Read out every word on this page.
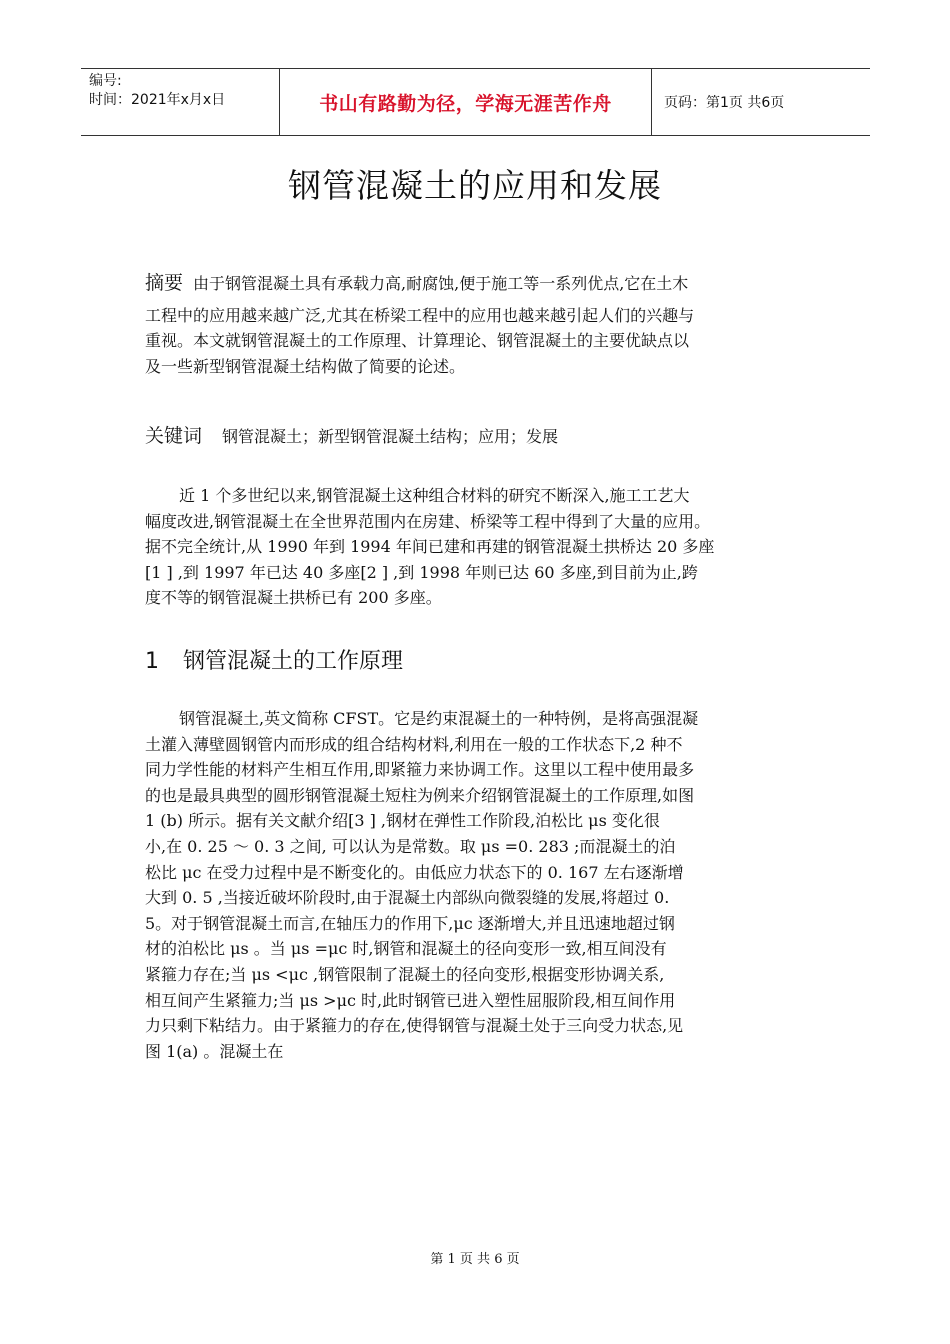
编号:
时间：2021年x月x日	书山有路勤为径，学海无涯苦作舟	页码：第1页 共6页
钢管混凝土的应用和发展
摘要 由于钢管混凝土具有承载力高,耐腐蚀,便于施工等一系列优点,它在土木
工程中的应用越来越广泛,尤其在桥梁工程中的应用也越来越引起人们的兴趣与
重视。本文就钢管混凝土的工作原理、计算理论、钢管混凝土的主要优缺点以
及一些新型钢管混凝土结构做了简要的论述。
关键词 钢管混凝土；新型钢管混凝土结构；应用；发展
近 1 个多世纪以来,钢管混凝土这种组合材料的研究不断深入,施工工艺大
幅度改进,钢管混凝土在全世界范围内在房建、桥梁等工程中得到了大量的应用。
据不完全统计,从 1990 年到 1994 年间已建和再建的钢管混凝土拱桥达 20 多座
[1 ] ,到 1997 年已达 40 多座[2 ] ,到 1998 年则已达 60 多座,到目前为止,跨
度不等的钢管混凝土拱桥已有 200 多座。
1 钢管混凝土的工作原理
钢管混凝土,英文简称 CFST。它是约束混凝土的一种特例，是将高强混凝
土灌入薄壁圆钢管内而形成的组合结构材料,利用在一般的工作状态下,2 种不
同力学性能的材料产生相互作用,即紧箍力来协调工作。这里以工程中使用最多
的也是最具典型的圆形钢管混凝土短柱为例来介绍钢管混凝土的工作原理,如图
1 (b) 所示。据有关文献介绍[3 ] ,钢材在弹性工作阶段,泊松比 μs 变化很
小,在 0. 25 ～ 0. 3 之间, 可以认为是常数。取 μs =0. 283 ;而混凝土的泊
松比 μc 在受力过程中是不断变化的。由低应力状态下的 0. 167 左右逐渐增
大到 0. 5 ,当接近破坏阶段时,由于混凝土内部纵向微裂缝的发展,将超过 0.
5。对于钢管混凝土而言,在轴压力的作用下,μc 逐渐增大,并且迅速地超过钢
材的泊松比 μs 。当 μs =μc 时,钢管和混凝土的径向变形一致,相互间没有
紧箍力存在;当 μs <μc ,钢管限制了混凝土的径向变形,根据变形协调关系,
相互间产生紧箍力;当 μs >μc 时,此时钢管已进入塑性屈服阶段,相互间作用
力只剩下粘结力。由于紧箍力的存在,使得钢管与混凝土处于三向受力状态,见
图 1(a) 。混凝土在
第 1 页 共 6 页
